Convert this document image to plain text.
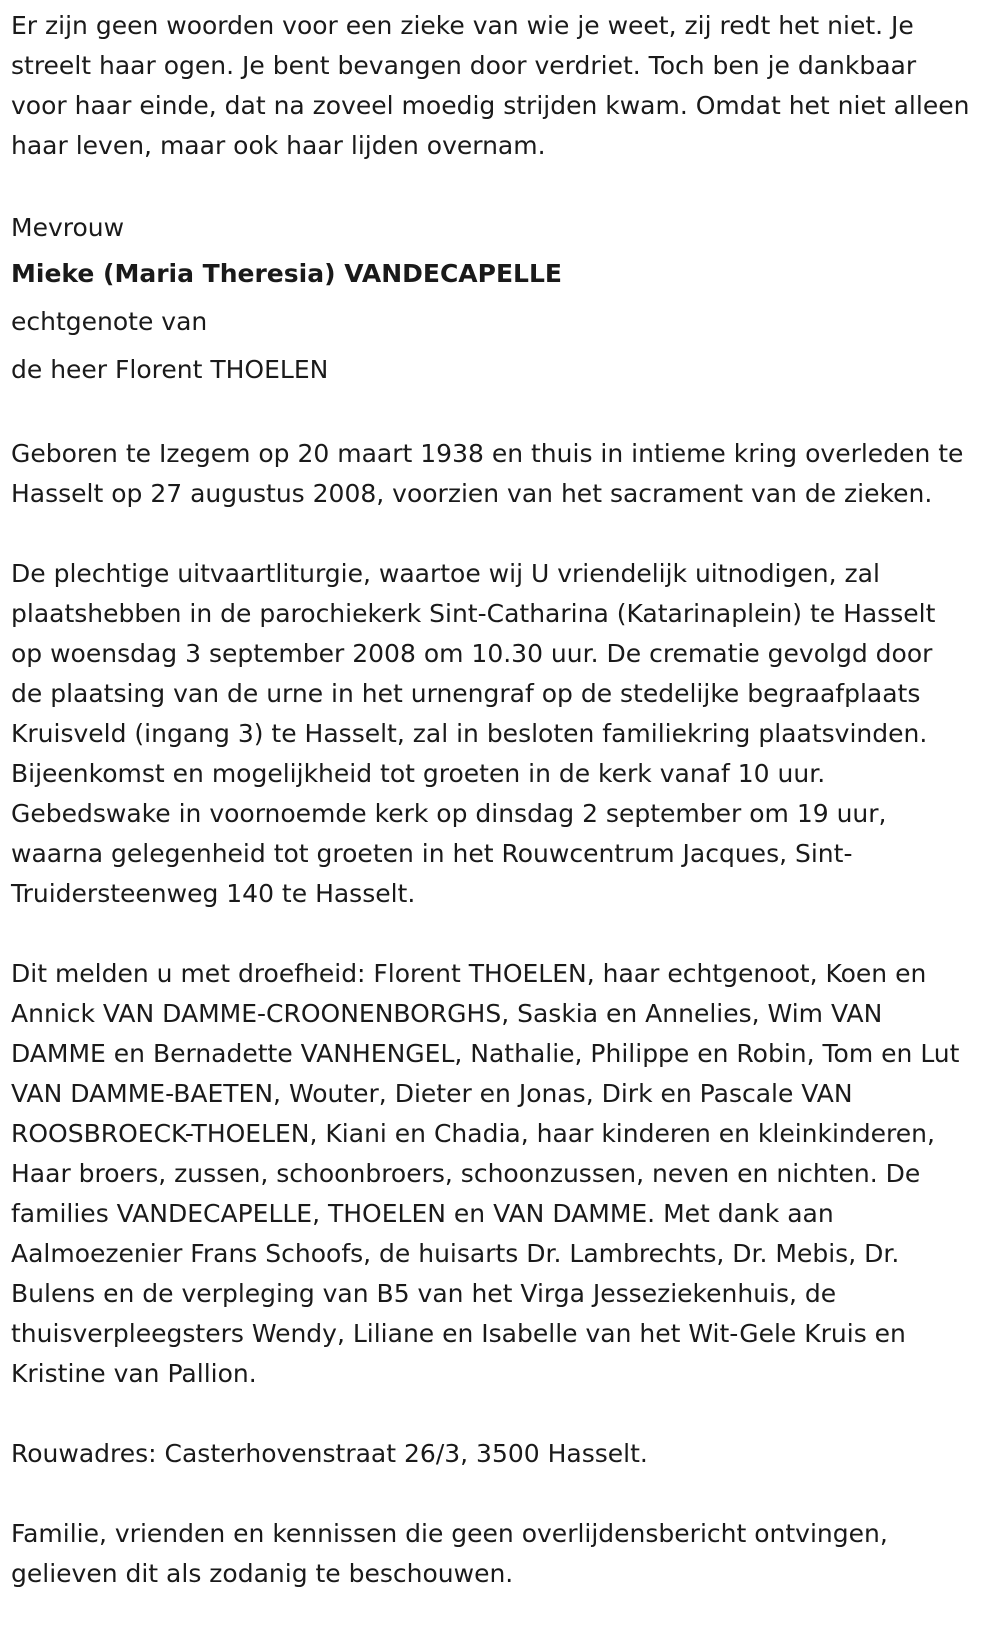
Er zijn geen woorden voor een zieke van wie je weet, zij redt het niet. Je streelt haar ogen. Je bent bevangen door verdriet. Toch ben je dankbaar voor haar einde, dat na zoveel moedig strijden kwam. Omdat het niet alleen haar leven, maar ook haar lijden overnam.

Mevrouw

Mieke (Maria Theresia) VANDECAPELLE

echtgenote van

de heer Florent THOELEN

Geboren te Izegem op 20 maart 1938 en thuis in intieme kring overleden te Hasselt op 27 augustus 2008, voorzien van het sacrament van de zieken.

De plechtige uitvaartliturgie, waartoe wij U vriendelijk uitnodigen, zal plaatshebben in de parochiekerk Sint-Catharina (Katarinaplein) te Hasselt op woensdag 3 september 2008 om 10.30 uur. De crematie gevolgd door de plaatsing van de urne in het urnengraf op de stedelijke begraafplaats Kruisveld (ingang 3) te Hasselt, zal in besloten familiekring plaatsvinden. Bijeenkomst en mogelijkheid tot groeten in de kerk vanaf 10 uur. Gebedswake in voornoemde kerk op dinsdag 2 september om 19 uur, waarna gelegenheid tot groeten in het Rouwcentrum Jacques, Sint-Truidersteenweg 140 te Hasselt.

Dit melden u met droefheid: Florent THOELEN, haar echtgenoot, Koen en Annick VAN DAMME-CROONENBORGHS, Saskia en Annelies, Wim VAN DAMME en Bernadette VANHENGEL, Nathalie, Philippe en Robin, Tom en Lut VAN DAMME-BAETEN, Wouter, Dieter en Jonas, Dirk en Pascale VAN ROOSBROECK-THOELEN, Kiani en Chadia, haar kinderen en kleinkinderen, Haar broers, zussen, schoonbroers, schoonzussen, neven en nichten. De families VANDECAPELLE, THOELEN en VAN DAMME. Met dank aan Aalmoezenier Frans Schoofs, de huisarts Dr. Lambrechts, Dr. Mebis, Dr. Bulens en de verpleging van B5 van het Virga Jesseziekenhuis, de thuisverpleegsters Wendy, Liliane en Isabelle van het Wit-Gele Kruis en Kristine van Pallion.

Rouwadres: Casterhovenstraat 26/3, 3500 Hasselt.

Familie, vrienden en kennissen die geen overlijdensbericht ontvingen, gelieven dit als zodanig te beschouwen.
